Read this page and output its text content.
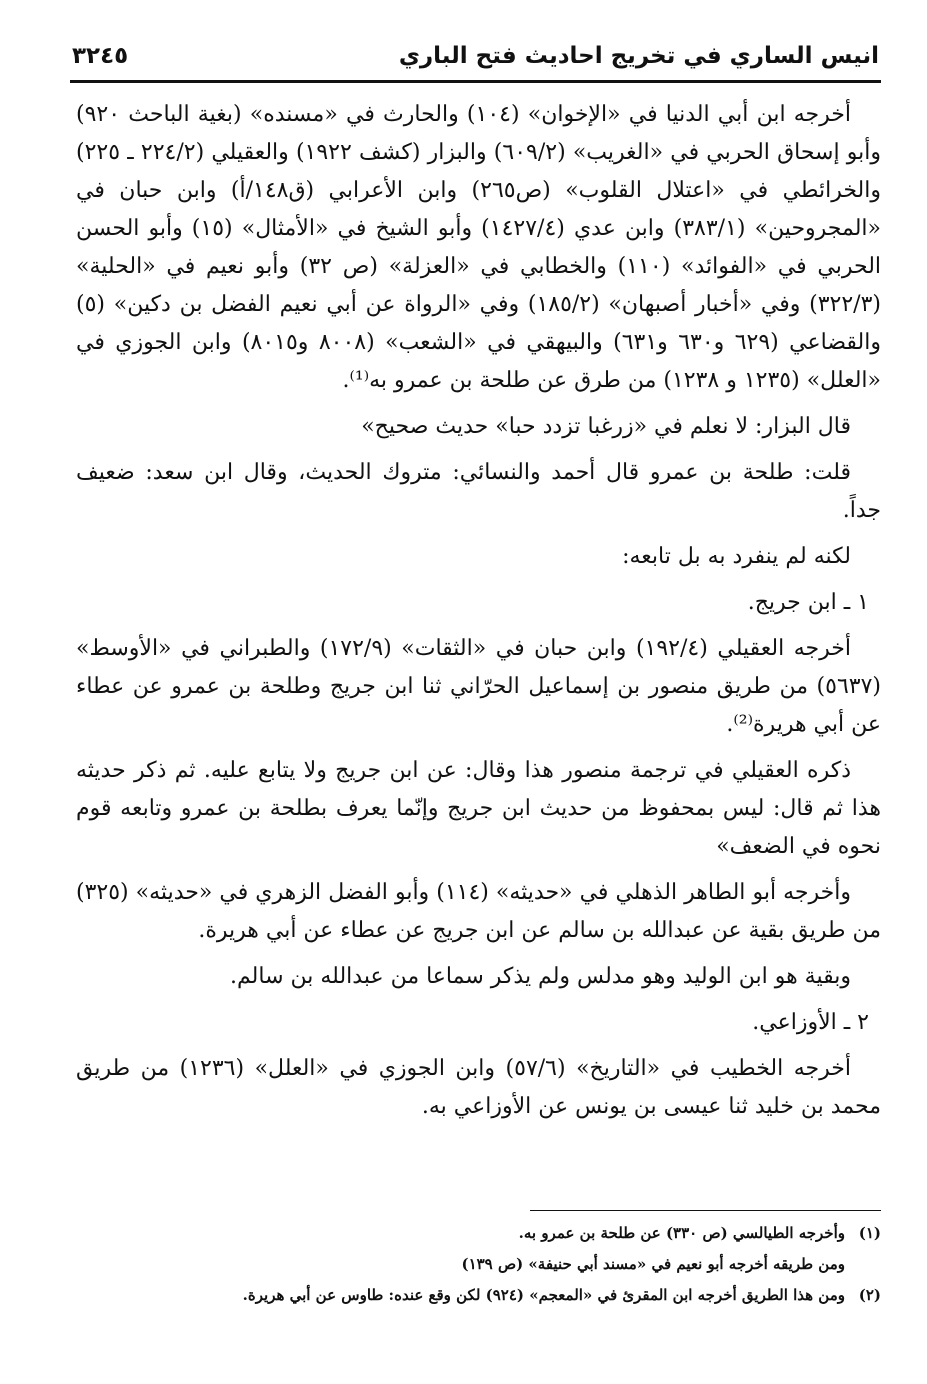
انيس الساري في تخريج احاديث فتح الباري
٣٢٤٥

أخرجه ابن أبي الدنيا في «الإخوان» (١٠٤) والحارث في «مسنده» (بغية الباحث ٩٢٠) وأبو إسحاق الحربي في «الغريب» (٦٠٩/٢) والبزار (كشف ١٩٢٢) والعقيلي (٢٢٤/٢ ـ ٢٢٥) والخرائطي في «اعتلال القلوب» (ص٢٦٥) وابن الأعرابي (ق١٤٨/أ) وابن حبان في «المجروحين» (٣٨٣/١) وابن عدي (١٤٢٧/٤) وأبو الشيخ في «الأمثال» (١٥) وأبو الحسن الحربي في «الفوائد» (١١٠) والخطابي في «العزلة» (ص ٣٢) وأبو نعيم في «الحلية» (٣٢٢/٣) وفي «أخبار أصبهان» (١٨٥/٢) وفي «الرواة عن أبي نعيم الفضل بن دكين» (٥) والقضاعي (٦٢٩ و٦٣٠ و٦٣١) والبيهقي في «الشعب» (٨٠٠٨ و٨٠١٥) وابن الجوزي في «العلل» (١٢٣٥ و ١٢٣٨) من طرق عن طلحة بن عمرو به⁽¹⁾.

قال البزار: لا نعلم في «زرغبا تزدد حبا» حديث صحيح»

قلت: طلحة بن عمرو قال أحمد والنسائي: متروك الحديث، وقال ابن سعد: ضعيف جداً.

لكنه لم ينفرد به بل تابعه:

١ ـ ابن جريج.

أخرجه العقيلي (١٩٢/٤) وابن حبان في «الثقات» (١٧٢/٩) والطبراني في «الأوسط» (٥٦٣٧) من طريق منصور بن إسماعيل الحرّاني ثنا ابن جريج وطلحة بن عمرو عن عطاء عن أبي هريرة⁽²⁾.

ذكره العقيلي في ترجمة منصور هذا وقال: عن ابن جريج ولا يتابع عليه. ثم ذكر حديثه هذا ثم قال: ليس بمحفوظ من حديث ابن جريج وإنّما يعرف بطلحة بن عمرو وتابعه قوم نحوه في الضعف»

وأخرجه أبو الطاهر الذهلي في «حديثه» (١١٤) وأبو الفضل الزهري في «حديثه» (٣٢٥) من طريق بقية عن عبدالله بن سالم عن ابن جريج عن عطاء عن أبي هريرة.

وبقية هو ابن الوليد وهو مدلس ولم يذكر سماعا من عبدالله بن سالم.

٢ ـ الأوزاعي.

أخرجه الخطيب في «التاريخ» (٥٧/٦) وابن الجوزي في «العلل» (١٢٣٦) من طريق محمد بن خليد ثنا عيسى بن يونس عن الأوزاعي به.

(١)وأخرجه الطيالسي (ص ٣٣٠) عن طلحة بن عمرو به.
ومن طريقه أخرجه أبو نعيم في «مسند أبي حنيفة» (ص ١٣٩)
(٢)ومن هذا الطريق أخرجه ابن المقرئ في «المعجم» (٩٢٤) لكن وقع عنده: طاوس عن أبي هريرة.
